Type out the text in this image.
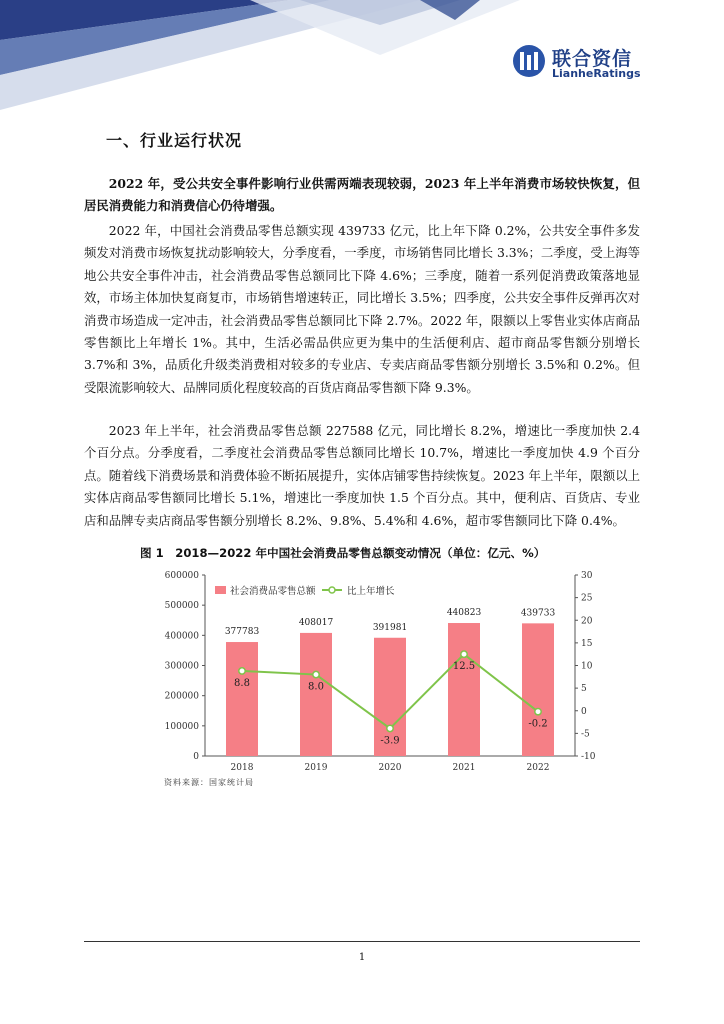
联合资信
LianheRatings
一、行业运行状况

2022 年，受公共安全事件影响行业供需两端表现较弱，2023 年上半年消费市场较快恢复，但居民消费能力和消费信心仍待增强。

2022 年，中国社会消费品零售总额实现 439733 亿元，比上年下降 0.2%，公共安全事件多发频发对消费市场恢复扰动影响较大，分季度看，一季度，市场销售同比增长 3.3%；二季度，受上海等地公共安全事件冲击，社会消费品零售总额同比下降 4.6%；三季度，随着一系列促消费政策落地显效，市场主体加快复商复市，市场销售增速转正，同比增长 3.5%；四季度，公共安全事件反弹再次对消费市场造成一定冲击，社会消费品零售总额同比下降 2.7%。2022 年，限额以上零售业实体店商品零售额比上年增长 1%。其中，生活必需品供应更为集中的生活便利店、超市商品零售额分别增长 3.7%和 3%，品质化升级类消费相对较多的专业店、专卖店商品零售额分别增长 3.5%和 0.2%。但受限流影响较大、品牌同质化程度较高的百货店商品零售额下降 9.3%。

2023 年上半年，社会消费品零售总额 227588 亿元，同比增长 8.2%，增速比一季度加快 2.4 个百分点。分季度看，二季度社会消费品零售总额同比增长 10.7%，增速比一季度加快 4.9 个百分点。随着线下消费场景和消费体验不断拓展提升，实体店铺零售持续恢复。2023 年上半年，限额以上实体店商品零售额同比增长 5.1%，增速比一季度加快 1.5 个百分点。其中，便利店、百货店、专业店和品牌专卖店商品零售额分别增长 8.2%、9.8%、5.4%和 4.6%，超市零售额同比下降 0.4%。

图 1　2018—2022 年中国社会消费品零售总额变动情况（单位：亿元、%）
0
100000
200000
300000
400000
500000
600000
-10
-5
0
5
10
15
20
25
30
377783
2018
408017
2019
391981
2020
440823
2021
439733
2022
8.8	8.0
-3.9
12.5
-0.2
社会消费品零售总额	比上年增长
资料来源：国家统计局
1
